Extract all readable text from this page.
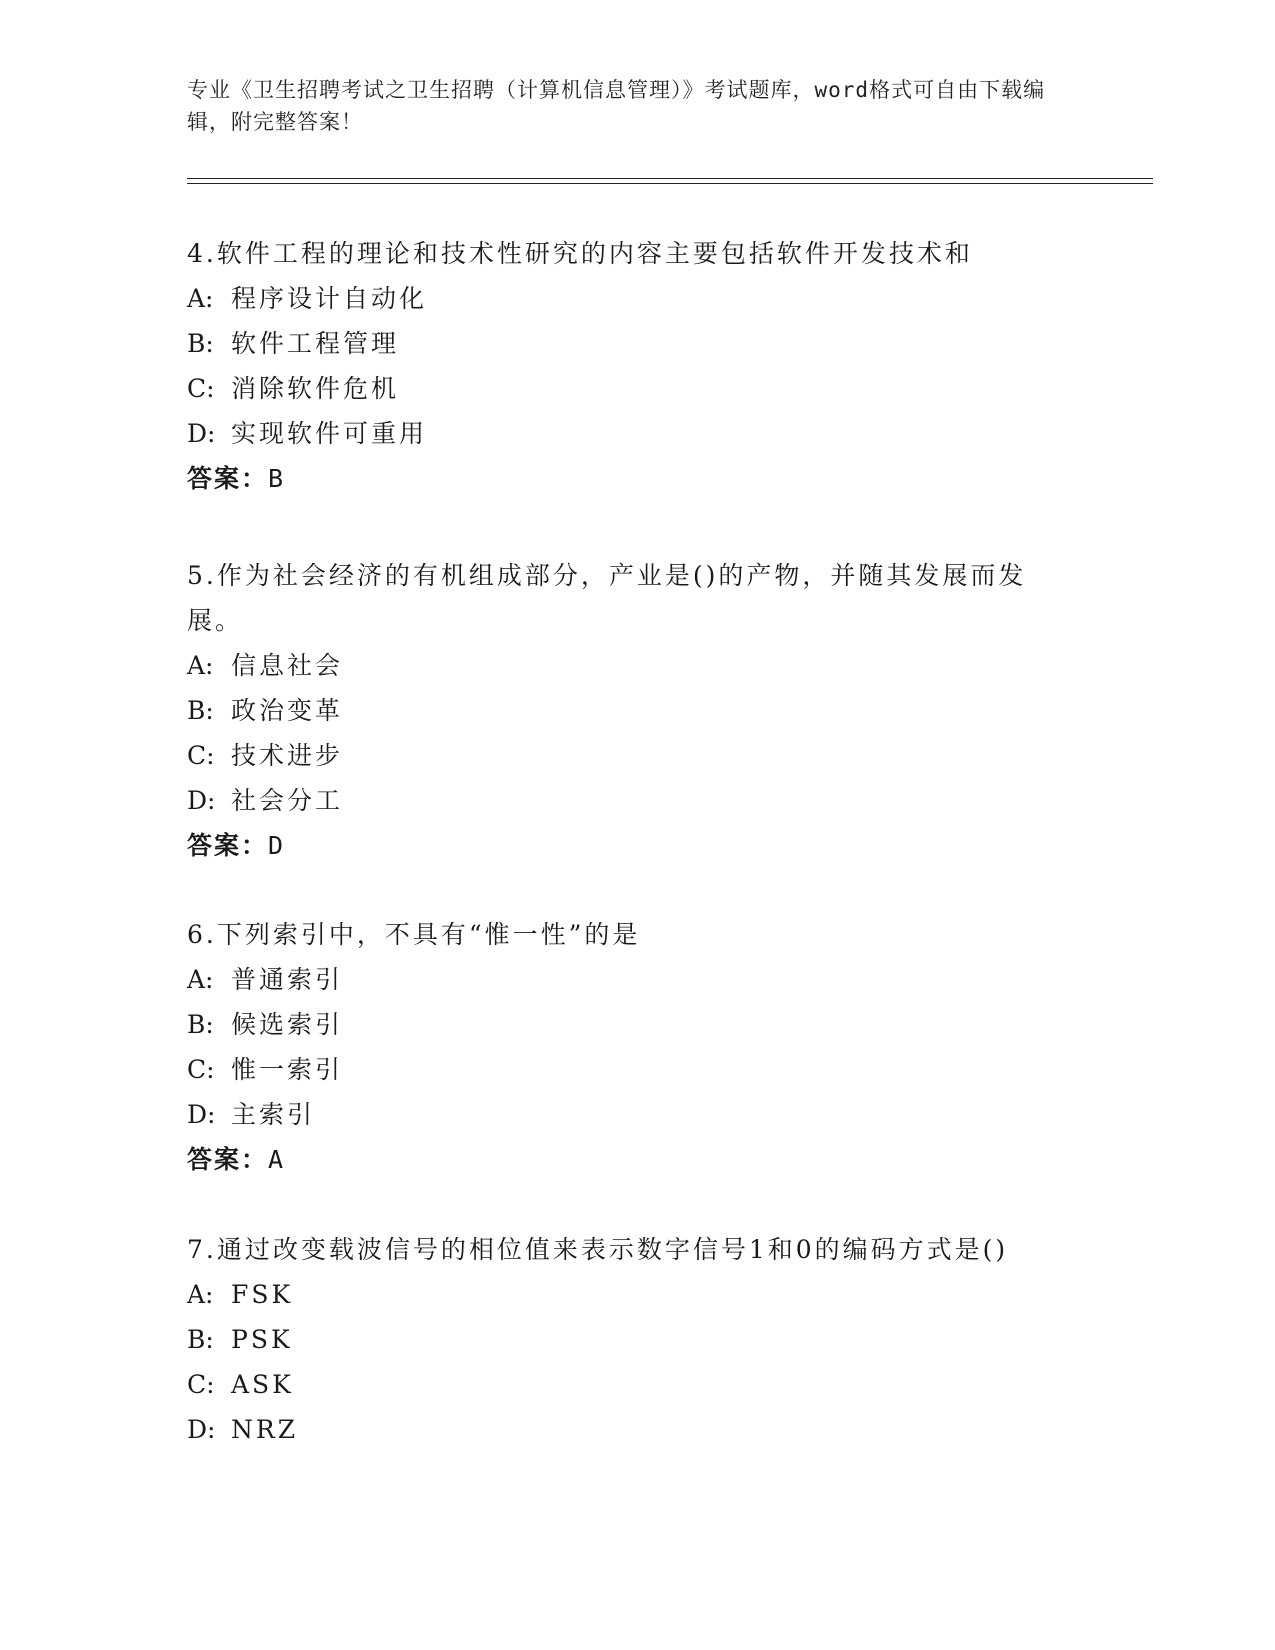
专业《卫生招聘考试之卫生招聘（计算机信息管理）》考试题库，word格式可自由下载编辑，附完整答案！

4.软件工程的理论和技术性研究的内容主要包括软件开发技术和

A: 程序设计自动化

B: 软件工程管理

C: 消除软件危机

D: 实现软件可重用

答案：B

5.作为社会经济的有机组成部分，产业是()的产物，并随其发展而发展。

A: 信息社会

B: 政治变革

C: 技术进步

D: 社会分工

答案：D

6.下列索引中，不具有“惟一性”的是

A: 普通索引

B: 候选索引

C: 惟一索引

D: 主索引

答案：A

7.通过改变载波信号的相位值来表示数字信号1和0的编码方式是()

A: FSK

B: PSK

C: ASK

D: NRZ
